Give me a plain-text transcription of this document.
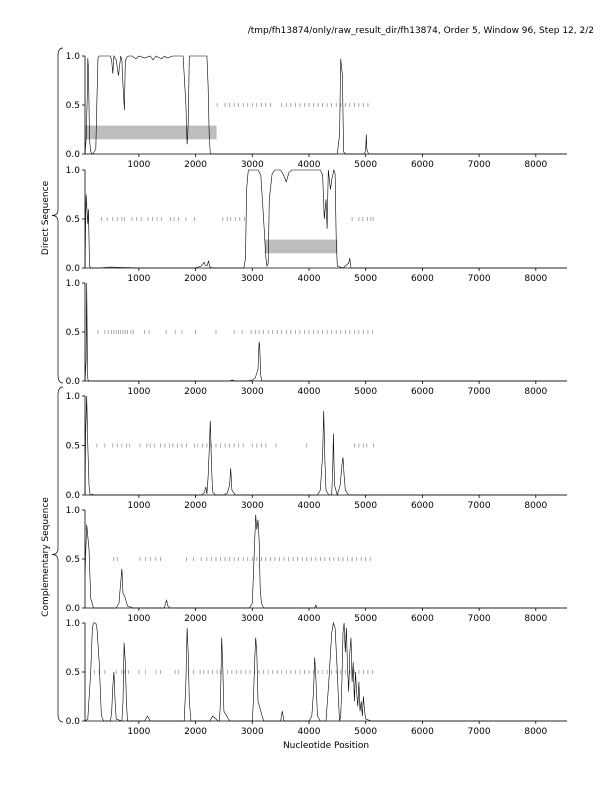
/tmp/fh13874/only/raw_result_dir/fh13874, Order 5, Window 96, Step 12, 2/2
0.0
0.5
1.0
1000	2000	3000	4000	5000	6000	7000	8000
0.0
0.5
1.0
1000	2000	3000	4000	5000	6000	7000	8000
0.0
0.5
1.0
1000	2000	3000	4000	5000	6000	7000	8000
0.0
0.5
1.0
1000	2000	3000	4000	5000	6000	7000	8000
0.0
0.5
1.0
1000	2000	3000	4000	5000	6000	7000	8000
0.0
0.5
1.0
1000	2000	3000	4000	5000	6000	7000	8000
Direct Sequence
Complementary Sequence
Nucleotide Position
